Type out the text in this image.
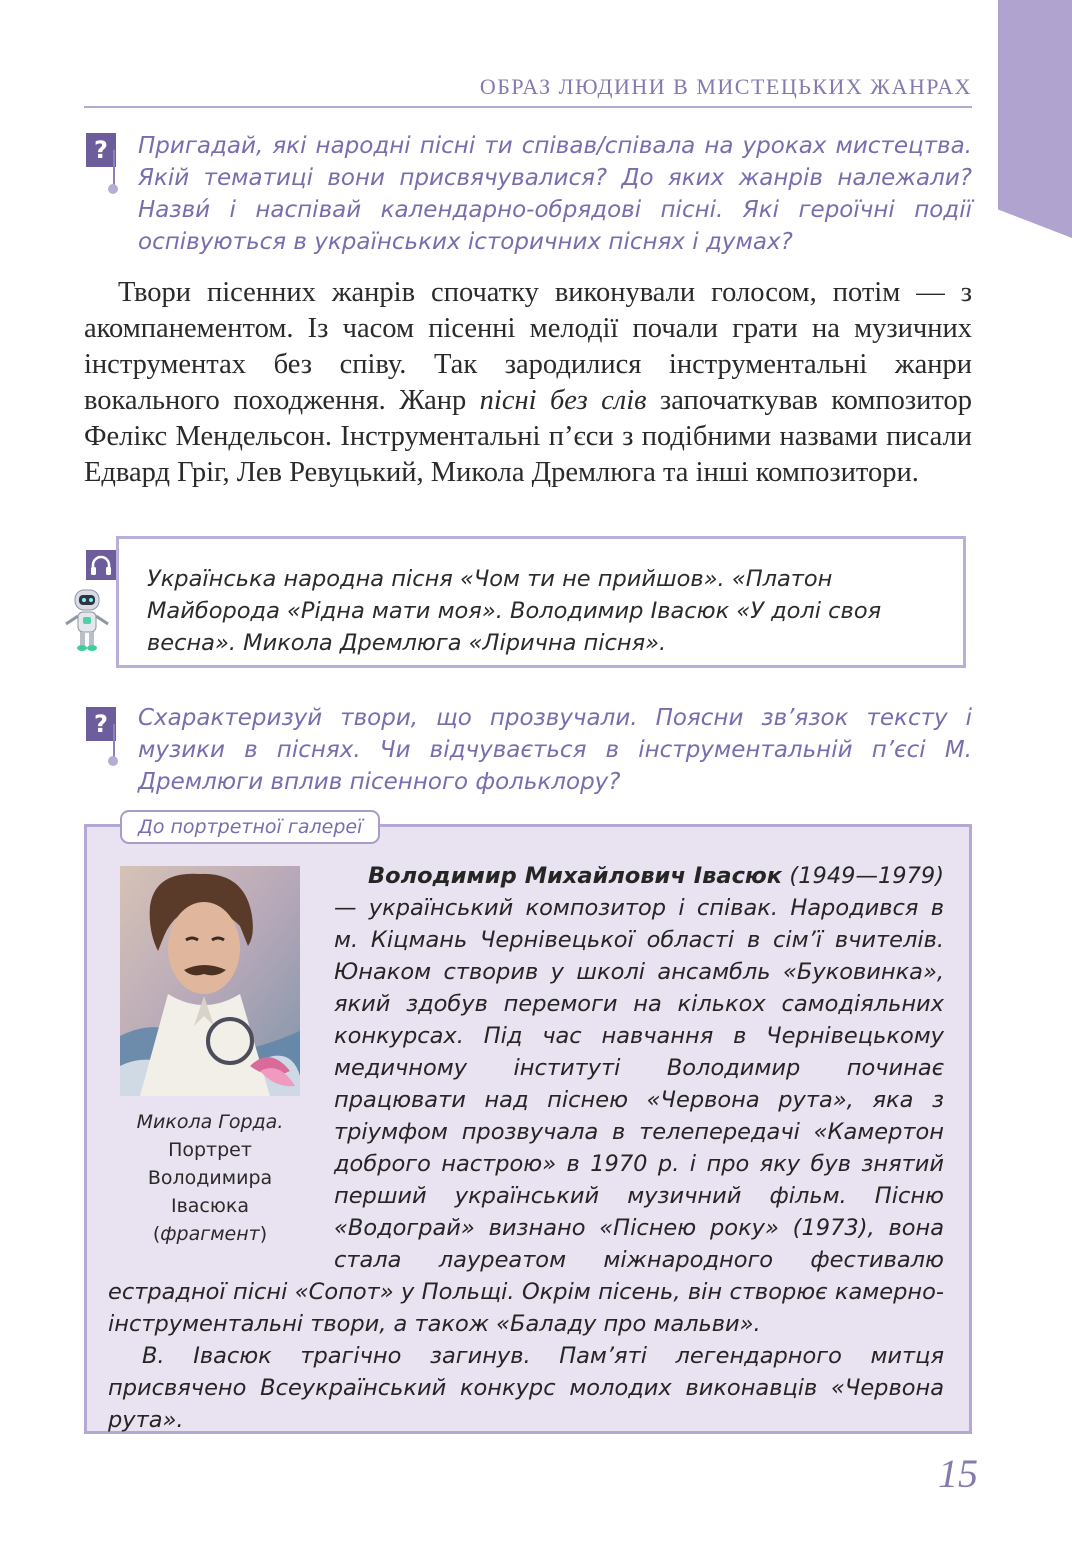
ОБРАЗ ЛЮДИНИ В МИСТЕЦЬКИХ ЖАНРАХ
?	Пригадай, які народні пісні ти співав/співала на уроках мистецтва. Якій тематиці вони присвячувалися? До яких жанрів належали? Назви́ і наспівай календарно-обрядові пісні. Які героїчні події оспівуються в українських історичних піснях і думах?

Твори пісенних жанрів спочатку виконували голосом, потім — з акомпанементом. Із часом пісенні мелодії почали грати на музичних інструментах без співу. Так зародилися інструментальні жанри вокального походження. Жанр пісні без слів започаткував композитор Фелікс Мендельсон. Інструментальні п’єси з подібними назвами писали Едвард Гріг, Лев Ревуцький, Микола Дремлюга та інші композитори.

Українська народна пісня «Чом ти не прийшов». «Платон Майборода «Рідна мати моя». Володимир Івасюк «У долі своя весна». Микола Дремлюга «Лірична пісня».

?	Схарактеризуй твори, що прозвучали. Поясни зв’язок тексту і музики в піснях. Чи відчувається в інструментальній п’єсі М. Дремлюги вплив пісенного фольклору?

До портретної галереї

Микола Горда.
Портрет
Володимира
Івасюка
(фрагмент)

Володимир Михайлович Івасюк (1949—1979) — український композитор і співак. Народився в м. Кіцмань Чернівецької області в сім’ї вчителів. Юнаком створив у школі ансамбль «Буковинка», який здобув перемоги на кількох самодіяльних конкурсах. Під час навчання в Чернівецькому медичному інституті Володимир починає працювати над піснею «Червона рута», яка з тріумфом прозвучала в телепередачі «Камертон доброго настрою» в 1970 р. і про яку був знятий перший український музичний фільм. Пісню «Водограй» визнано «Піснею року» (1973), вона стала лауреатом міжнародного фестивалю естрадної пісні «Сопот» у Польщі. Окрім пісень, він створює камерно-інструментальні твори, а також «Баладу про мальви».

В. Івасюк трагічно загинув. Пам’яті легендарного митця присвячено Всеукраїнський конкурс молодих виконавців «Червона рута».

15
